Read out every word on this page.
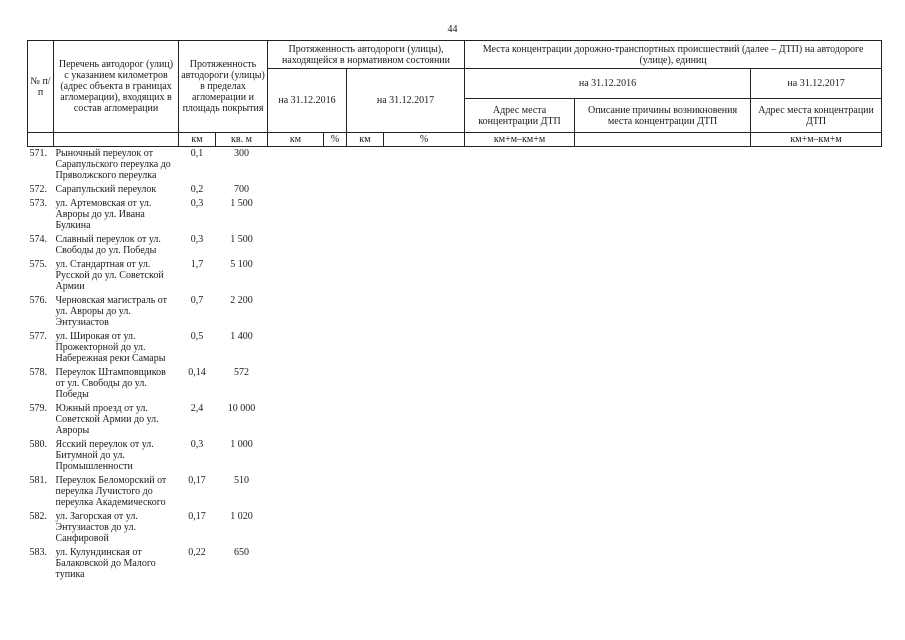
44
№ п/п	Перечень автодорог (улиц) с указанием километров (адрес объекта в границах агломерации), входящих в состав агломерации	Протяженность автодороги (улицы) в пределах агломерации и площадь покрытия		Протяженность автодороги (улицы), находящейся в нормативном состоянии				Места концентрации дорожно-транспортных происшествий (далее – ДТП) на автодороге (улице), единиц		
				на 31.12.2016		на 31.12.2017		на 31.12.2016		на 31.12.2017
								Адрес места концентрации ДТП	Описание причины возникновения места концентрации ДТП	Адрес места концентрации ДТП
		км	кв. м	км	%	км	%	км+м–км+м		км+м–км+м
571.	Рыночный переулок от Сарапульского переулка до Пряволжского переулка	0,1	300							
572.	Сарапульский переулок	0,2	700							
573.	ул. Артемовская от ул. Авроры до ул. Ивана Булкина	0,3	1 500							
574.	Славный переулок от ул. Свободы до ул. Победы	0,3	1 500							
575.	ул. Стандартная от ул. Русской до ул. Советской Армии	1,7	5 100							
576.	Черновская магистраль от ул. Авроры до ул. Энтузиастов	0,7	2 200							
577.	ул. Широкая от ул. Прожекторной до ул. Набережная реки Самары	0,5	1 400							
578.	Переулок Штамповщиков от ул. Свободы до ул. Победы	0,14	572							
579.	Южный проезд от ул. Советской Армии до ул. Авроры	2,4	10 000							
580.	Ясский переулок от ул. Битумной до ул. Промышленности	0,3	1 000							
581.	Переулок Беломорский от переулка Лучистого до переулка Академического	0,17	510							
582.	ул. Загорская от ул. Энтузиастов до ул. Санфировой	0,17	1 020							
583.	ул. Кулундинская от Балаковской до Малого тупика	0,22	650							
